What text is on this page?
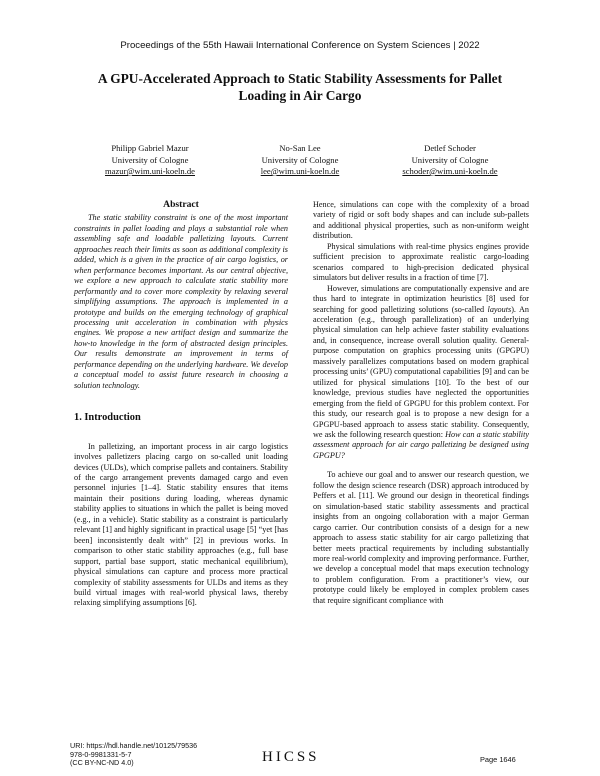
Proceedings of the 55th Hawaii International Conference on System Sciences | 2022
A GPU-Accelerated Approach to Static Stability Assessments for Pallet Loading in Air Cargo
Philipp Gabriel Mazur
University of Cologne
mazur@wim.uni-koeln.de
No-San Lee
University of Cologne
lee@wim.uni-koeln.de
Detlef Schoder
University of Cologne
schoder@wim.uni-koeln.de

Abstract

The static stability constraint is one of the most important constraints in pallet loading and plays a substantial role when assembling safe and loadable palletizing layouts. Current approaches reach their limits as soon as additional complexity is added, which is a given in the practice of air cargo logistics, or when performance becomes important. As our central objective, we explore a new approach to calculate static stability more performantly and to cover more complexity by relaxing several simplifying assumptions. The approach is implemented in a prototype and builds on the emerging technology of graphical processing unit acceleration in combination with physics engines. We propose a new artifact design and summarize the how-to knowledge in the form of abstracted design principles. Our results demonstrate an improvement in terms of performance depending on the underlying hardware. We develop a conceptual model to assist future research in choosing a solution technology.

1. Introduction

In palletizing, an important process in air cargo logistics involves palletizers placing cargo on so-called unit loading devices (ULDs), which comprise pallets and containers. Stability of the cargo arrangement prevents damaged cargo and even personnel injuries [1–4]. Static stability ensures that items maintain their positions during loading, whereas dynamic stability applies to situations in which the pallet is being moved (e.g., in a vehicle). Static stability as a constraint is particularly relevant [1] and highly significant in practical usage [5] “yet [has been] inconsistently dealt with” [2] in previous works. In comparison to other static stability approaches (e.g., full base support, partial base support, static mechanical equilibrium), physical simulations can capture and process more practical complexity of stability assessments for ULDs and items as they build virtual images with real-world physical laws, thereby relaxing simplifying assumptions [6].

Hence, simulations can cope with the complexity of a broad variety of rigid or soft body shapes and can include sub-pallets and additional physical properties, such as non-uniform weight distribution.

Physical simulations with real-time physics engines provide sufficient precision to approximate realistic cargo-loading scenarios compared to high-precision dedicated physical simulators but deliver results in a fraction of time [7].

However, simulations are computationally expensive and are thus hard to integrate in optimization heuristics [8] used for searching for good palletizing solutions (so-called layouts). An acceleration (e.g., through parallelization) of an underlying physical simulation can help achieve faster stability evaluations and, in consequence, increase overall solution quality. General-purpose computation on graphics processing units (GPGPU) massively parallelizes computations based on modern graphical processing units’ (GPU) computational capabilities [9] and can be utilized for physical simulations [10]. To the best of our knowledge, previous studies have neglected the opportunities emerging from the field of GPGPU for this problem context. For this study, our research goal is to propose a new design for a GPGPU-based approach to assess static stability. Consequently, we ask the following research question: How can a static stability assessment approach for air cargo palletizing be designed using GPGPU?

To achieve our goal and to answer our research question, we follow the design science research (DSR) approach introduced by Peffers et al. [11]. We ground our design in theoretical findings on simulation-based static stability assessments and practical insights from an ongoing collaboration with a major German cargo carrier. Our contribution consists of a design for a new approach to assess static stability for air cargo palletizing that better meets practical requirements by including substantially more real-world complexity and improving performance. Further, we develop a conceptual model that maps execution technology to problem configuration. From a practitioner’s view, our prototype could likely be employed in complex problem cases that require significant compliance with

URI: https://hdl.handle.net/10125/79536
978-0-9981331-5-7
(CC BY-NC-ND 4.0)	HICSS	Page 1646
